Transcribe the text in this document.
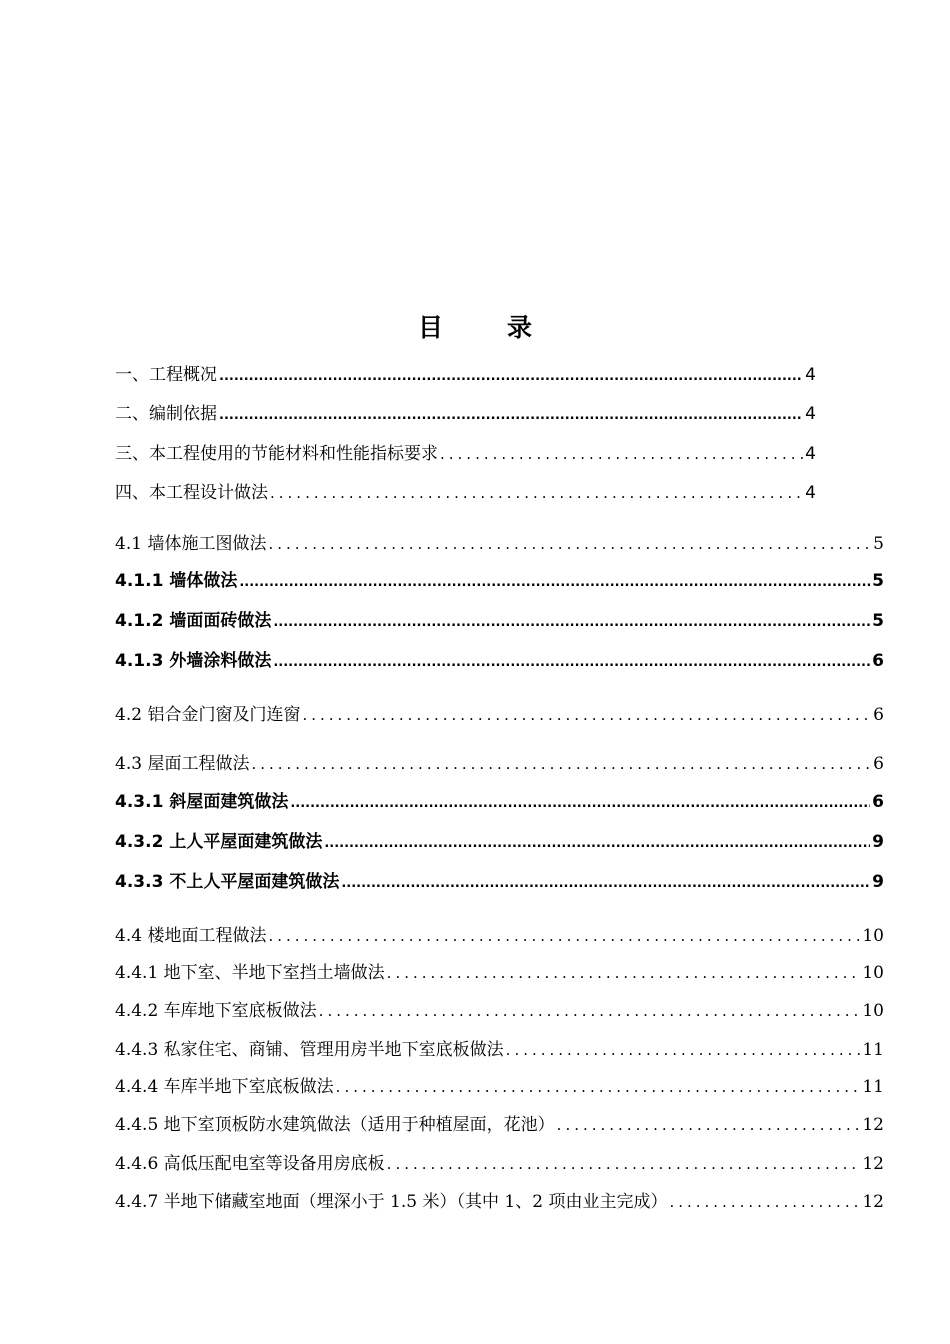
目	录
一、工程概况 .....	4
二、编制依据 .....	4
三、本工程使用的节能材料和性能指标要求 .....	4
四、本工程设计做法 .....	4
4.1 墙体施工图做法 .....	5
4.1.1 墙体做法 .....	5
4.1.2 墙面面砖做法 .....	5
4.1.3 外墙涂料做法 .....	6
4.2 铝合金门窗及门连窗 .....	6
4.3 屋面工程做法 .....	6
4.3.1 斜屋面建筑做法 .....	6
4.3.2 上人平屋面建筑做法 .....	9
4.3.3 不上人平屋面建筑做法 .....	9
4.4 楼地面工程做法 .....	10
4.4.1 地下室、半地下室挡土墙做法 .....	10
4.4.2 车库地下室底板做法 .....	10
4.4.3 私家住宅、商铺、管理用房半地下室底板做法 .....	11
4.4.4 车库半地下室底板做法 .....	11
4.4.5 地下室顶板防水建筑做法（适用于种植屋面，花池） .....	12
4.4.6 高低压配电室等设备用房底板 .....	12
4.4.7 半地下储藏室地面（埋深小于 1.5 米）（其中 1、2 项由业主完成） .....	12
